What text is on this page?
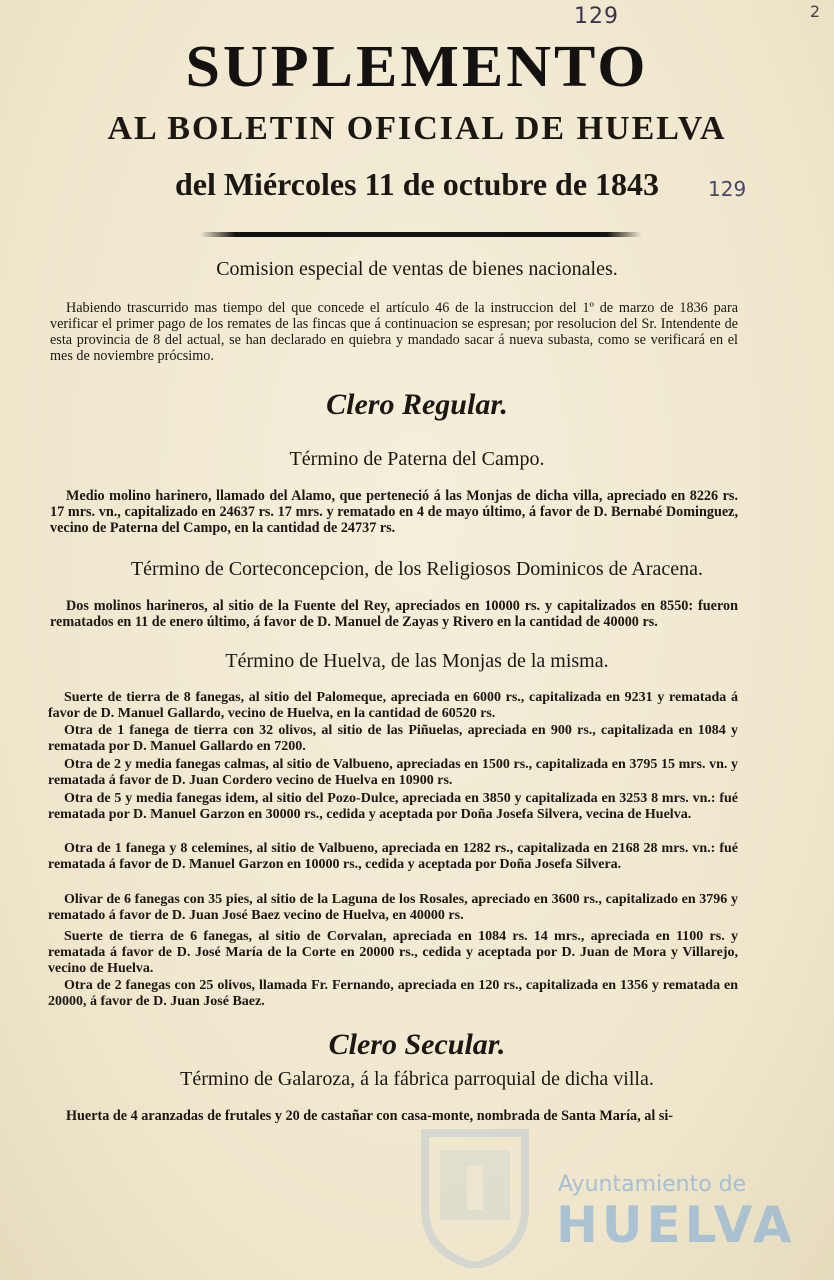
2
129
129
SUPLEMENTO
AL BOLETIN OFICIAL DE HUELVA
del Miércoles 11 de octubre de 1843
Comision especial de ventas de bienes nacionales.
Habiendo trascurrido mas tiempo del que concede el artículo 46 de la instruccion del 1º de marzo de 1836 para verificar el primer pago de los remates de las fincas que á continuacion se espresan; por resolucion del Sr. Intendente de esta provincia de 8 del actual, se han declarado en quiebra y mandado sacar á nueva subasta, como se verificará en el mes de noviembre prócsimo.
Clero Regular.
Término de Paterna del Campo.
Medio molino harinero, llamado del Alamo, que perteneció á las Monjas de dicha villa, apreciado en 8226 rs. 17 mrs. vn., capitalizado en 24637 rs. 17 mrs. y rematado en 4 de mayo último, á favor de D. Bernabé Dominguez, vecino de Paterna del Campo, en la cantidad de 24737 rs.
Término de Corteconcepcion, de los Religiosos Dominicos de Aracena.
Dos molinos harineros, al sitio de la Fuente del Rey, apreciados en 10000 rs. y capitalizados en 8550: fueron rematados en 11 de enero último, á favor de D. Manuel de Zayas y Rivero en la cantidad de 40000 rs.
Término de Huelva, de las Monjas de la misma.
Suerte de tierra de 8 fanegas, al sitio del Palomeque, apreciada en 6000 rs., capitalizada en 9231 y rematada á favor de D. Manuel Gallardo, vecino de Huelva, en la cantidad de 60520 rs.
Otra de 1 fanega de tierra con 32 olivos, al sitio de las Piñuelas, apreciada en 900 rs., capitalizada en 1084 y rematada por D. Manuel Gallardo en 7200.
Otra de 2 y media fanegas calmas, al sitio de Valbueno, apreciadas en 1500 rs., capitalizada en 3795 15 mrs. vn. y rematada á favor de D. Juan Cordero vecino de Huelva en 10900 rs.
Otra de 5 y media fanegas idem, al sitio del Pozo-Dulce, apreciada en 3850 y capitalizada en 3253 8 mrs. vn.: fué rematada por D. Manuel Garzon en 30000 rs., cedida y aceptada por Doña Josefa Silvera, vecina de Huelva.
Otra de 1 fanega y 8 celemines, al sitio de Valbueno, apreciada en 1282 rs., capitalizada en 2168 28 mrs. vn.: fué rematada á favor de D. Manuel Garzon en 10000 rs., cedida y aceptada por Doña Josefa Silvera.
Olivar de 6 fanegas con 35 pies, al sitio de la Laguna de los Rosales, apreciado en 3600 rs., capitalizado en 3796 y rematado á favor de D. Juan José Baez vecino de Huelva, en 40000 rs.
Suerte de tierra de 6 fanegas, al sitio de Corvalan, apreciada en 1084 rs. 14 mrs., apreciada en 1100 rs. y rematada á favor de D. José María de la Corte en 20000 rs., cedida y aceptada por D. Juan de Mora y Villarejo, vecino de Huelva.
Otra de 2 fanegas con 25 olivos, llamada Fr. Fernando, apreciada en 120 rs., capitalizada en 1356 y rematada en 20000, á favor de D. Juan José Baez.
Clero Secular.
Término de Galaroza, á la fábrica parroquial de dicha villa.
Huerta de 4 aranzadas de frutales y 20 de castañar con casa-monte, nombrada de Santa María, al si-
Ayuntamiento de
HUELVA
